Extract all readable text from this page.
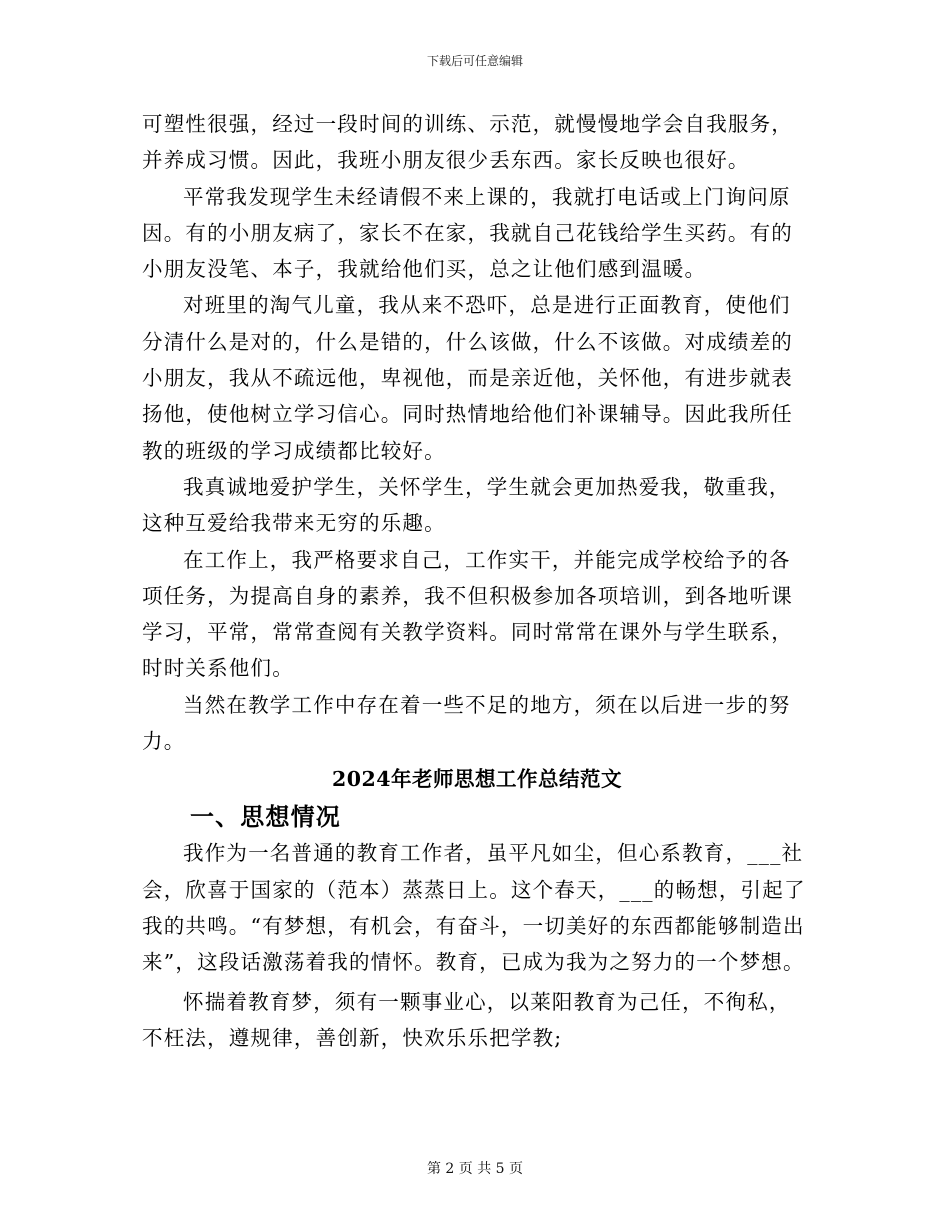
下载后可任意编辑

可塑性很强，经过一段时间的训练、示范，就慢慢地学会自我服务，并养成习惯。因此，我班小朋友很少丢东西。家长反映也很好。

平常我发现学生未经请假不来上课的，我就打电话或上门询问原因。有的小朋友病了，家长不在家，我就自己花钱给学生买药。有的小朋友没笔、本子，我就给他们买，总之让他们感到温暖。

对班里的淘气儿童，我从来不恐吓，总是进行正面教育，使他们分清什么是对的，什么是错的，什么该做，什么不该做。对成绩差的小朋友，我从不疏远他，卑视他，而是亲近他，关怀他，有进步就表扬他，使他树立学习信心。同时热情地给他们补课辅导。因此我所任教的班级的学习成绩都比较好。

我真诚地爱护学生，关怀学生，学生就会更加热爱我，敬重我，这种互爱给我带来无穷的乐趣。

在工作上，我严格要求自己，工作实干，并能完成学校给予的各项任务，为提高自身的素养，我不但积极参加各项培训，到各地听课学习，平常，常常查阅有关教学资料。同时常常在课外与学生联系，时时关系他们。

当然在教学工作中存在着一些不足的地方，须在以后进一步的努力。

2024年老师思想工作总结范文
一、思想情况

我作为一名普通的教育工作者，虽平凡如尘，但心系教育，___社会，欣喜于国家的（范本）蒸蒸日上。这个春天，___的畅想，引起了我的共鸣。“有梦想，有机会，有奋斗，一切美好的东西都能够制造出来”，这段话激荡着我的情怀。教育，已成为我为之努力的一个梦想。

怀揣着教育梦，须有一颗事业心，以莱阳教育为己任，不徇私，不枉法，遵规律，善创新，快欢乐乐把学教;

第 2 页 共 5 页
